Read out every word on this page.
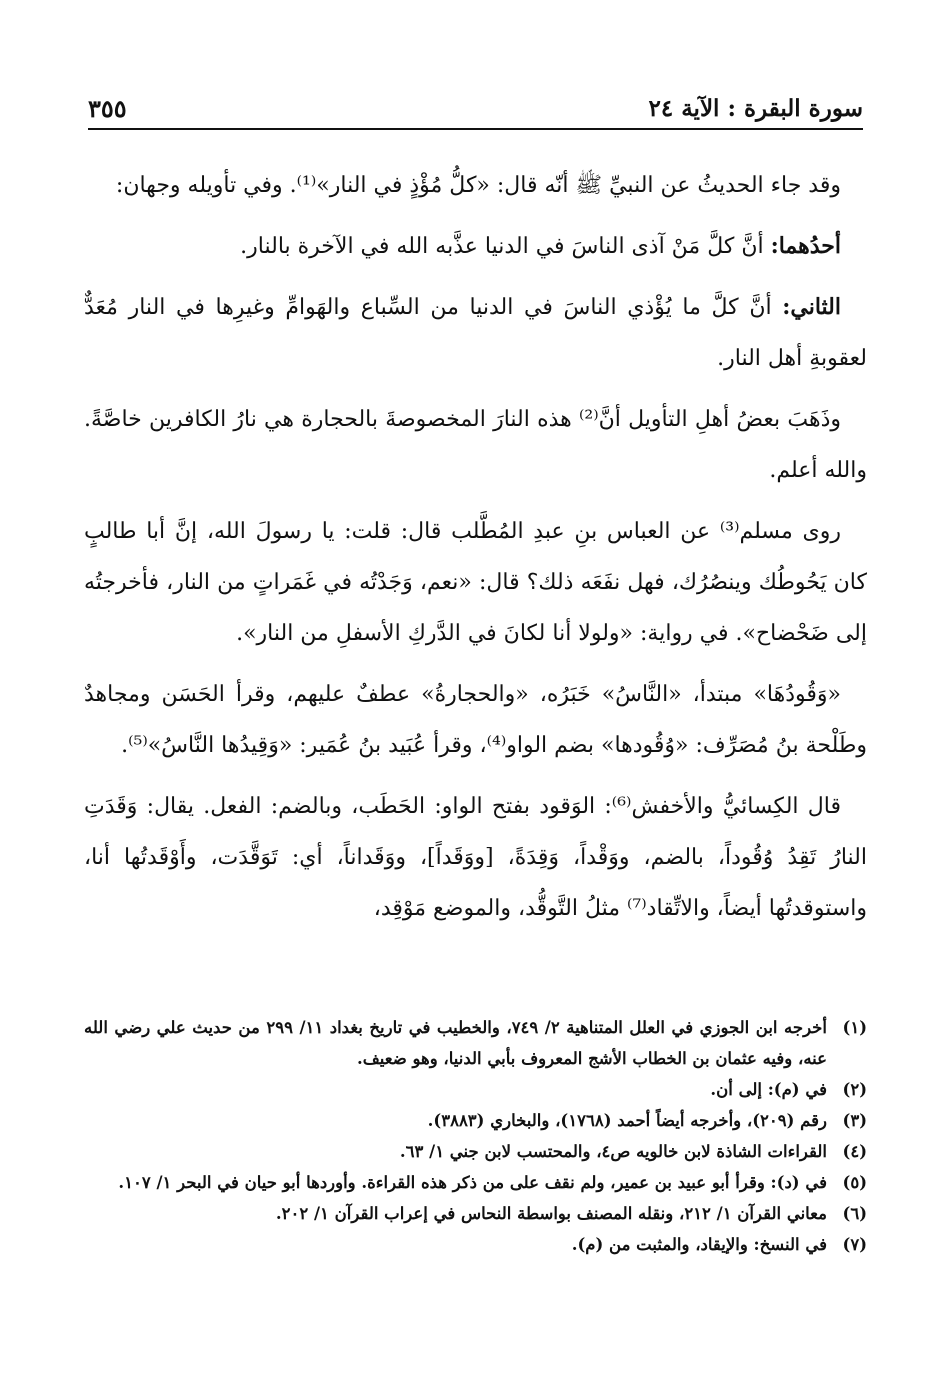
سورة البقرة : الآية ٢٤
٣٥٥

وقد جاء الحديثُ عن النبيِّ ﷺ أنّه قال: «كلُّ مُؤْذٍ في النار»⁽¹⁾. وفي تأويله وجهان:

أحدُهما: أنَّ كلَّ مَنْ آذى الناسَ في الدنيا عذَّبه الله في الآخرة بالنار.

الثاني: أنَّ كلَّ ما يُؤْذي الناسَ في الدنيا من السِّباع والهَوامِّ وغيرِها في النار مُعَدٌّ لعقوبةِ أهل النار.

وذَهَبَ بعضُ أهلِ التأويل أنَّ⁽²⁾ هذه النارَ المخصوصةَ بالحجارة هي نارُ الكافرين خاصَّةً. والله أعلم.

روى مسلم⁽³⁾ عن العباس بنِ عبدِ المُطَّلب قال: قلت: يا رسولَ الله، إنَّ أبا طالبٍ كان يَحُوطُك وينصُرُك، فهل نفَعَه ذلك؟ قال: «نعم، وَجَدْتُه في غَمَراتٍ من النار، فأخرجتُه إلى ضَحْضاح». في رواية: «ولولا أنا لكانَ في الدَّركِ الأسفلِ من النار».

«وَقُودُهَا» مبتدأ، «النَّاسُ» خَبَرُه، «والحجارةُ» عطفٌ عليهم، وقرأ الحَسَن ومجاهدٌ وطَلْحة بنُ مُصَرِّف: «وُقُودها» بضم الواو⁽⁴⁾، وقرأ عُبَيد بنُ عُمَير: «وَقِيدُها النَّاسُ»⁽⁵⁾.

قال الكِسائيُّ والأخفش⁽⁶⁾: الوَقود بفتح الواو: الحَطَب، وبالضم: الفعل. يقال: وَقَدَتِ النارُ تَقِدُ وُقُوداً، بالضم، ووَقْداً، وَقِدَةً، [ووَقَداً]، ووَقَداناً، أي: تَوَقَّدَت، وأَوْقَدتُها أنا، واستوقدتُها أيضاً، والاتِّقاد⁽⁷⁾ مثلُ التَّوقُّد، والموضع مَوْقِد،

(١)
أخرجه ابن الجوزي في العلل المتناهية ٢/ ٧٤٩، والخطيب في تاريخ بغداد ١١/ ٢٩٩ من حديث علي رضي الله عنه، وفيه عثمان بن الخطاب الأشج المعروف بأبي الدنيا، وهو ضعيف.
(٢)
في (م): إلى أن.
(٣)
رقم (٢٠٩)، وأخرجه أيضاً أحمد (١٧٦٨)، والبخاري (٣٨٨٣).
(٤)
القراءات الشاذة لابن خالويه ص٤، والمحتسب لابن جني ١/ ٦٣.
(٥)
في (د): وقرأ أبو عبيد بن عمير، ولم نقف على من ذكر هذه القراءة. وأوردها أبو حيان في البحر ١/ ١٠٧.
(٦)
معاني القرآن ١/ ٢١٢، ونقله المصنف بواسطة النحاس في إعراب القرآن ١/ ٢٠٢.
(٧)
في النسخ: والإيقاد، والمثبت من (م).
